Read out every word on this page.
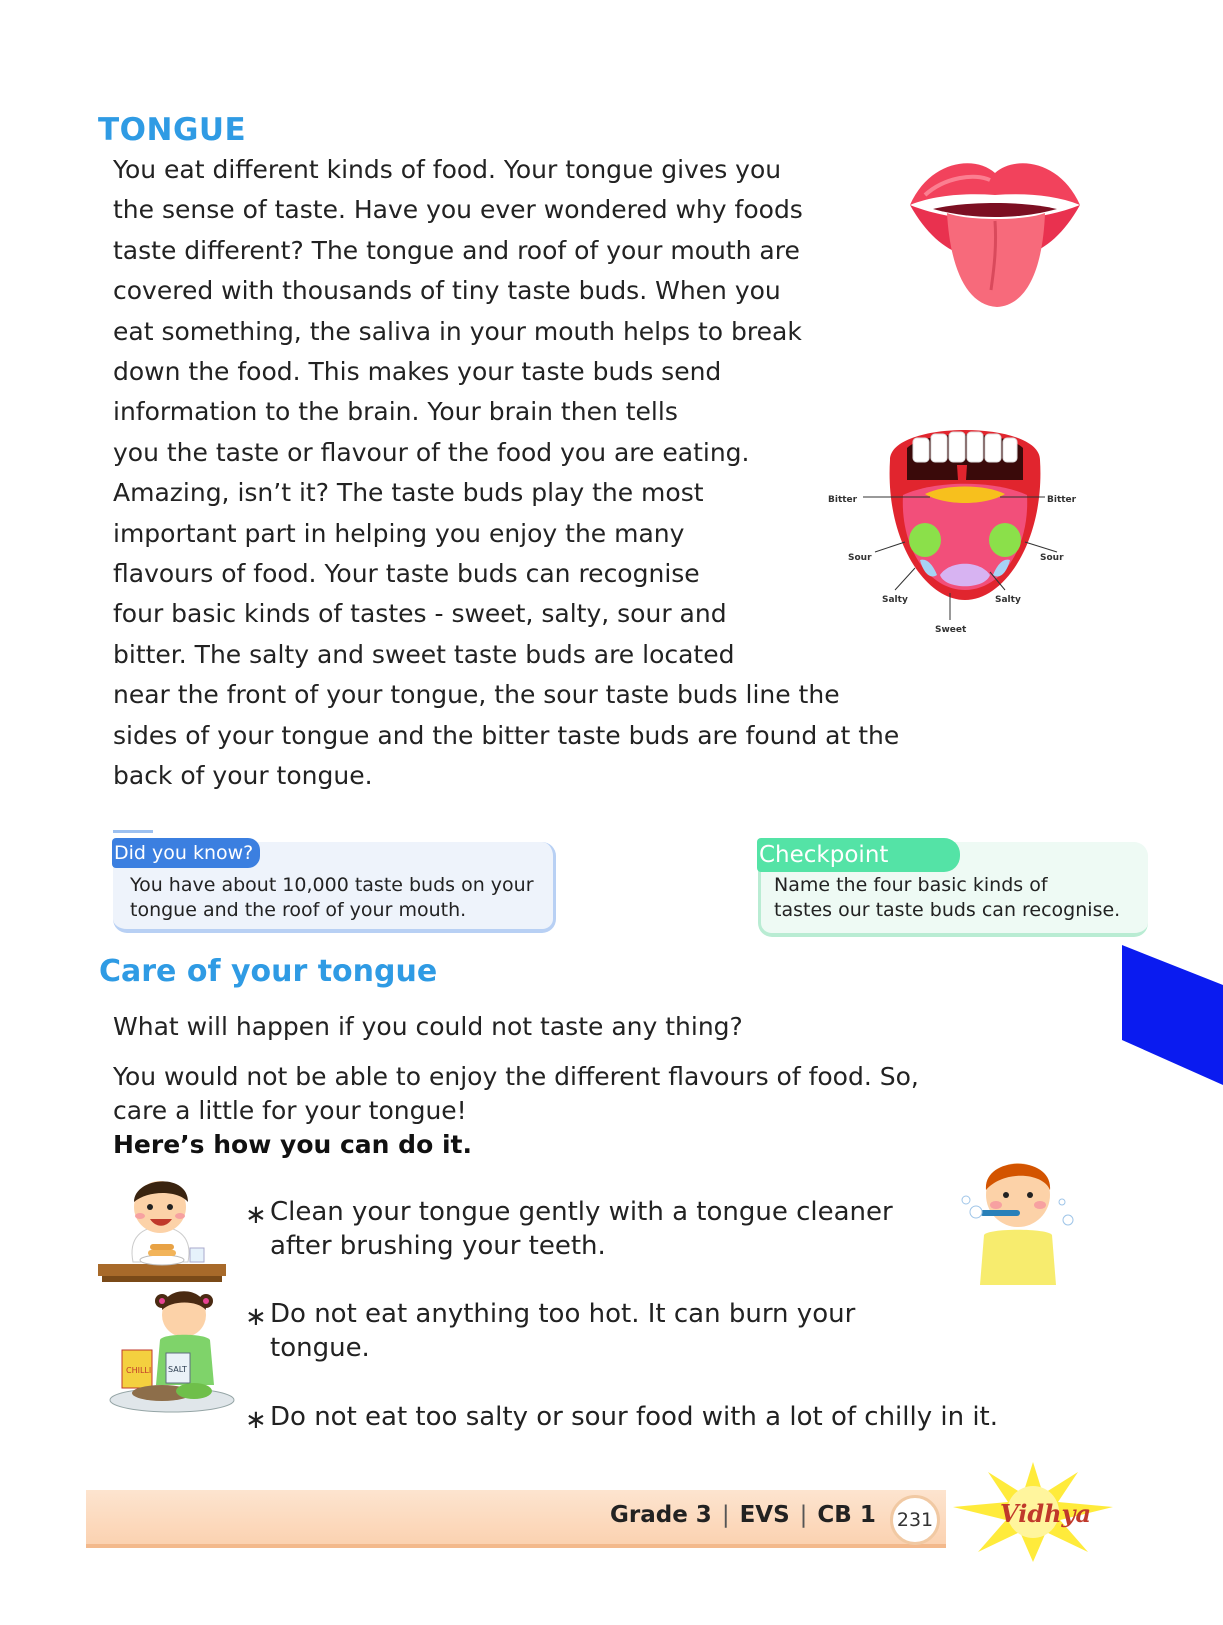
TONGUE
You eat different kinds of food. Your tongue gives you
the sense of taste. Have you ever wondered why foods
taste different? The tongue and roof of your mouth are
covered with thousands of tiny taste buds. When you
eat something, the saliva in your mouth helps to break
down the food. This makes your taste buds send
information to the brain. Your brain then tells
you the taste or flavour of the food you are eating.
Amazing, isn’t it? The taste buds play the most
important part in helping you enjoy the many
flavours of food. Your taste buds can recognise
four basic kinds of tastes - sweet, salty, sour and
bitter. The salty and sweet taste buds are located
near the front of your tongue, the sour taste buds line the
sides of your tongue and the bitter taste buds are found at the
back of your tongue.
Bitter	Bitter
Sour	Sour
Salty	Salty
Sweet
Did you know?
You have about 10,000 taste buds on your
tongue and the roof of your mouth.
Checkpoint
Name the four basic kinds of
tastes our taste buds can recognise.
Care of your tongue
What will happen if you could not taste any thing?
You would not be able to enjoy the different flavours of food. So,
care a little for your tongue!
Here’s how you can do it.
∗ Clean your tongue gently with a tongue cleaner
after brushing your teeth.
∗ Do not eat anything too hot. It can burn your
tongue.
∗ Do not eat too salty or sour food with a lot of chilly in it.
CHILLI SALT
Grade 3 | EVS | CB 1	231	Vidhya
